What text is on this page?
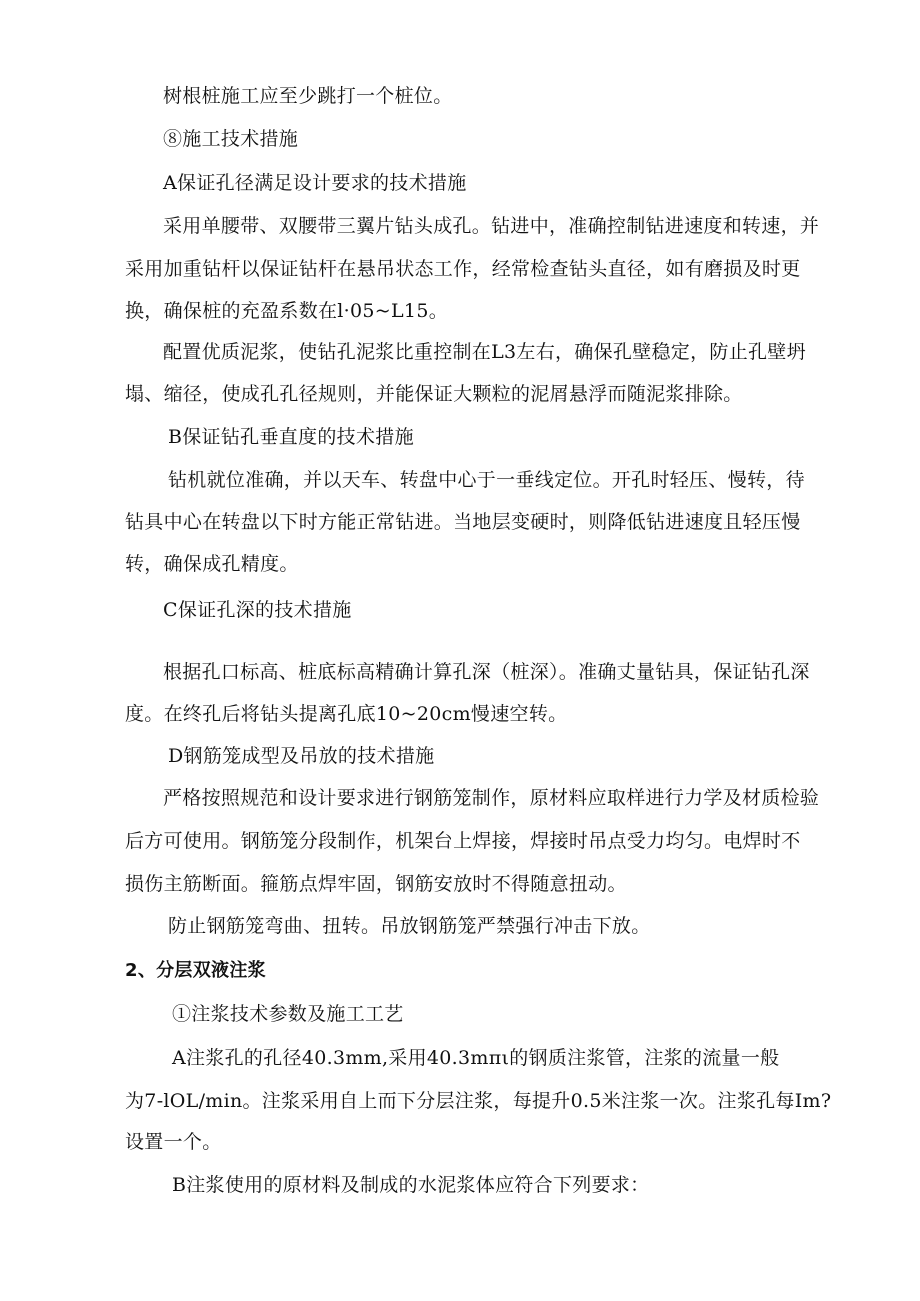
树根桩施工应至少跳打一个桩位。
⑧施工技术措施
A保证孔径满足设计要求的技术措施
采用单腰带、双腰带三翼片钻头成孔。钻进中，准确控制钻进速度和转速，并
采用加重钻杆以保证钻杆在悬吊状态工作，经常检查钻头直径，如有磨损及时更
换，确保桩的充盈系数在l·05~L15。
配置优质泥浆，使钻孔泥浆比重控制在L3左右，确保孔壁稳定，防止孔壁坍
塌、缩径，使成孔孔径规则，并能保证大颗粒的泥屑悬浮而随泥浆排除。
B保证钻孔垂直度的技术措施
钻机就位准确，并以天车、转盘中心于一垂线定位。开孔时轻压、慢转，待
钻具中心在转盘以下时方能正常钻进。当地层变硬时，则降低钻进速度且轻压慢
转，确保成孔精度。
C保证孔深的技术措施
根据孔口标高、桩底标高精确计算孔深（桩深）。准确丈量钻具，保证钻孔深
度。在终孔后将钻头提离孔底10~20cm慢速空转。
D钢筋笼成型及吊放的技术措施
严格按照规范和设计要求进行钢筋笼制作，原材料应取样进行力学及材质检验
后方可使用。钢筋笼分段制作，机架台上焊接，焊接时吊点受力均匀。电焊时不
损伤主筋断面。箍筋点焊牢固，钢筋安放时不得随意扭动。
防止钢筋笼弯曲、扭转。吊放钢筋笼严禁强行冲击下放。
2、分层双液注浆
①注浆技术参数及施工工艺
A注浆孔的孔径40.3mm,采用40.3mπι的钢质注浆管，注浆的流量一般
为7-lOL/min。注浆采用自上而下分层注浆，每提升0.5米注浆一次。注浆孔每Im?
设置一个。
B注浆使用的原材料及制成的水泥浆体应符合下列要求：
